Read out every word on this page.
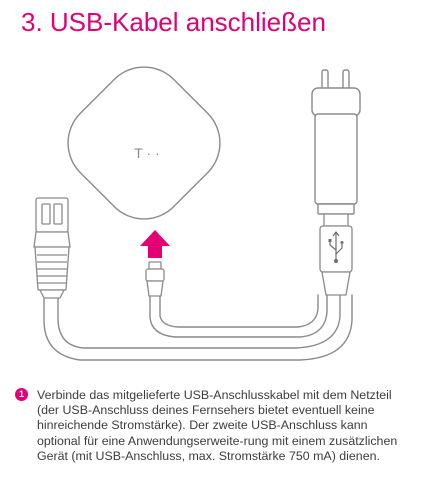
3. USB-Kabel anschließen
T · ·
1	Verbinde das mitgelieferte USB-Anschlusskabel mit dem Netzteil (der USB-Anschluss deines Fernsehers bietet eventuell keine hinreichende Stromstärke). Der zweite USB-Anschluss kann optional für eine Anwendungserweite-rung mit einem zusätzlichen Gerät (mit USB-Anschluss, max. Stromstärke 750 mA) dienen.
